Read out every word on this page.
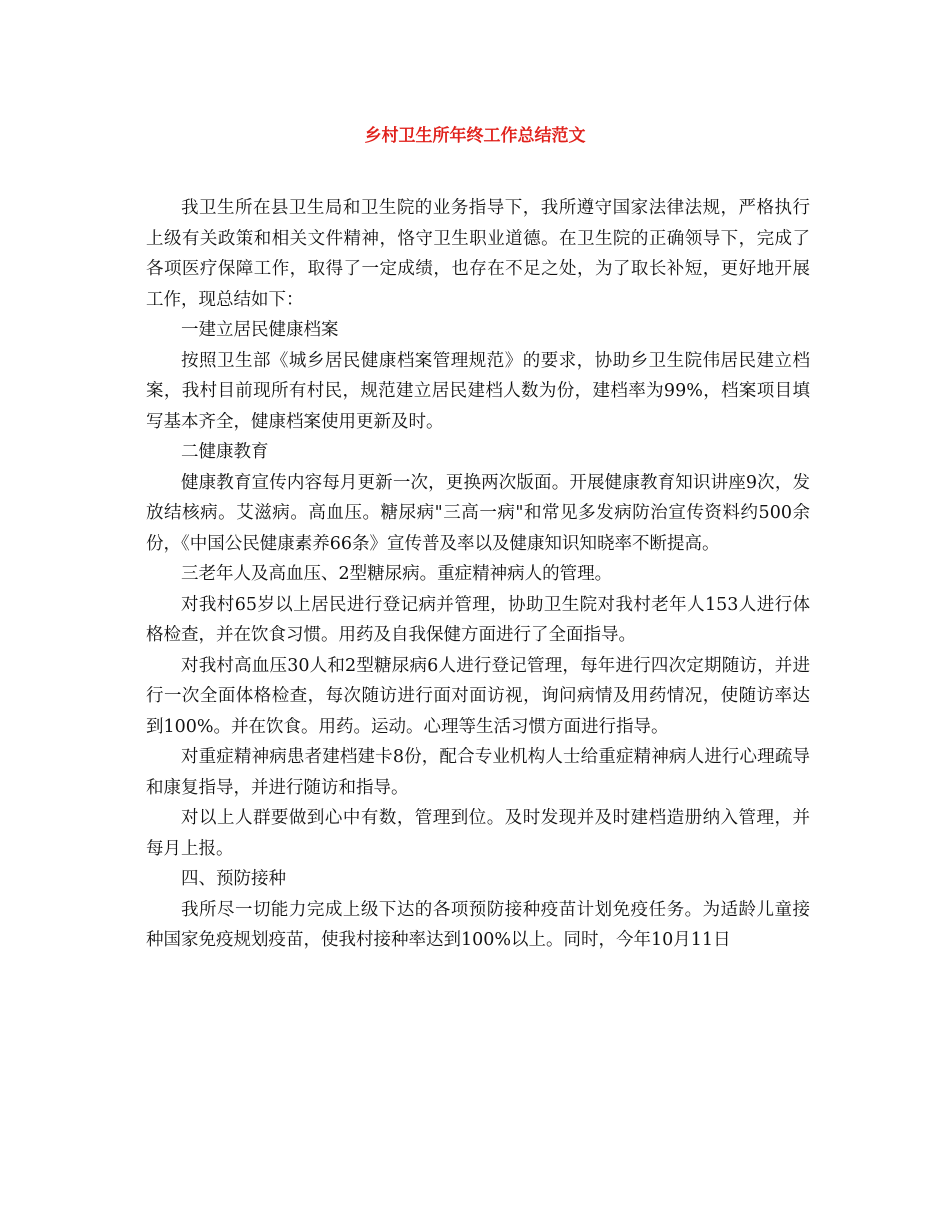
乡村卫生所年终工作总结范文

我卫生所在县卫生局和卫生院的业务指导下，我所遵守国家法律法规，严格执行上级有关政策和相关文件精神，恪守卫生职业道德。在卫生院的正确领导下，完成了各项医疗保障工作，取得了一定成绩，也存在不足之处，为了取长补短，更好地开展工作，现总结如下：

一建立居民健康档案

按照卫生部《城乡居民健康档案管理规范》的要求，协助乡卫生院伟居民建立档案，我村目前现所有村民，规范建立居民建档人数为份，建档率为99%，档案项目填写基本齐全，健康档案使用更新及时。

二健康教育

健康教育宣传内容每月更新一次，更换两次版面。开展健康教育知识讲座9次，发放结核病。艾滋病。高血压。糖尿病"三高一病"和常见多发病防治宣传资料约500余份，《中国公民健康素养66条》宣传普及率以及健康知识知晓率不断提高。

三老年人及高血压、2型糖尿病。重症精神病人的管理。

对我村65岁以上居民进行登记病并管理，协助卫生院对我村老年人153人进行体格检查，并在饮食习惯。用药及自我保健方面进行了全面指导。

对我村高血压30人和2型糖尿病6人进行登记管理，每年进行四次定期随访，并进行一次全面体格检查，每次随访进行面对面访视，询问病情及用药情况，使随访率达到100%。并在饮食。用药。运动。心理等生活习惯方面进行指导。

对重症精神病患者建档建卡8份，配合专业机构人士给重症精神病人进行心理疏导和康复指导，并进行随访和指导。

对以上人群要做到心中有数，管理到位。及时发现并及时建档造册纳入管理，并每月上报。

四、预防接种

我所尽一切能力完成上级下达的各项预防接种疫苗计划免疫任务。为适龄儿童接种国家免疫规划疫苗，使我村接种率达到100%以上。同时，今年10月11日
